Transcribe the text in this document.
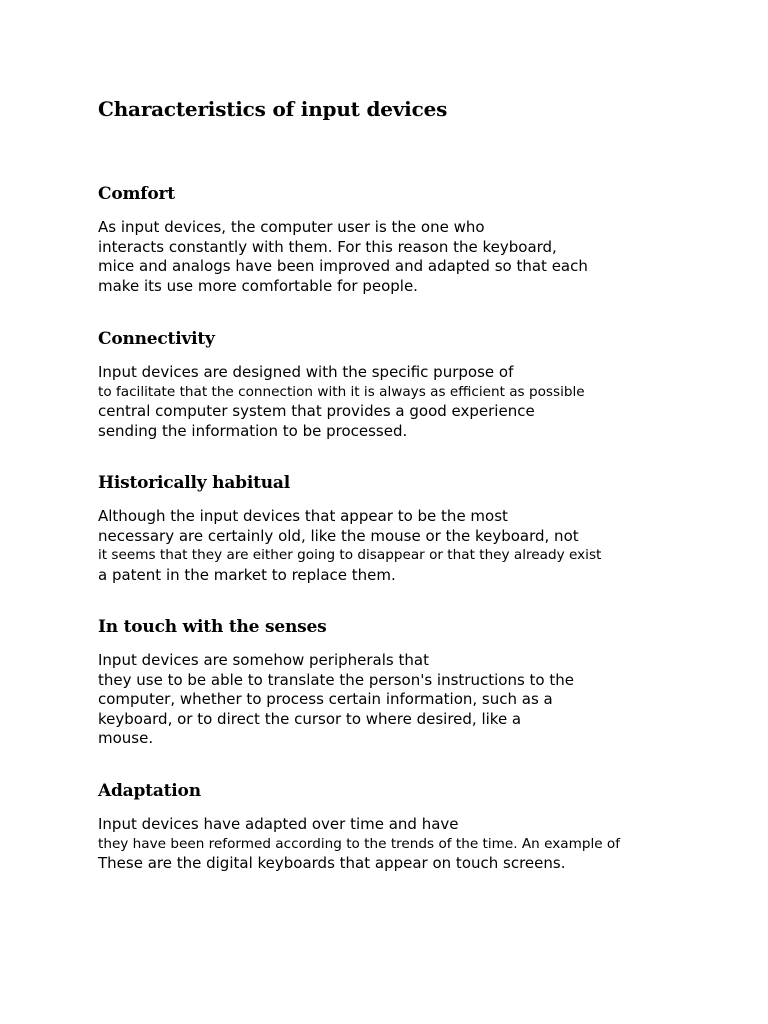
Characteristics of input devices
Comfort
As input devices, the computer user is the one who
interacts constantly with them. For this reason the keyboard,
mice and analogs have been improved and adapted so that each
make its use more comfortable for people.
Connectivity
Input devices are designed with the specific purpose of
to facilitate that the connection with it is always as efficient as possible
central computer system that provides a good experience
sending the information to be processed.
Historically habitual
Although the input devices that appear to be the most
necessary are certainly old, like the mouse or the keyboard, not
it seems that they are either going to disappear or that they already exist
a patent in the market to replace them.
In touch with the senses
Input devices are somehow peripherals that
they use to be able to translate the person's instructions to the
computer, whether to process certain information, such as a
keyboard, or to direct the cursor to where desired, like a
mouse.
Adaptation
Input devices have adapted over time and have
they have been reformed according to the trends of the time. An example of
These are the digital keyboards that appear on touch screens.
